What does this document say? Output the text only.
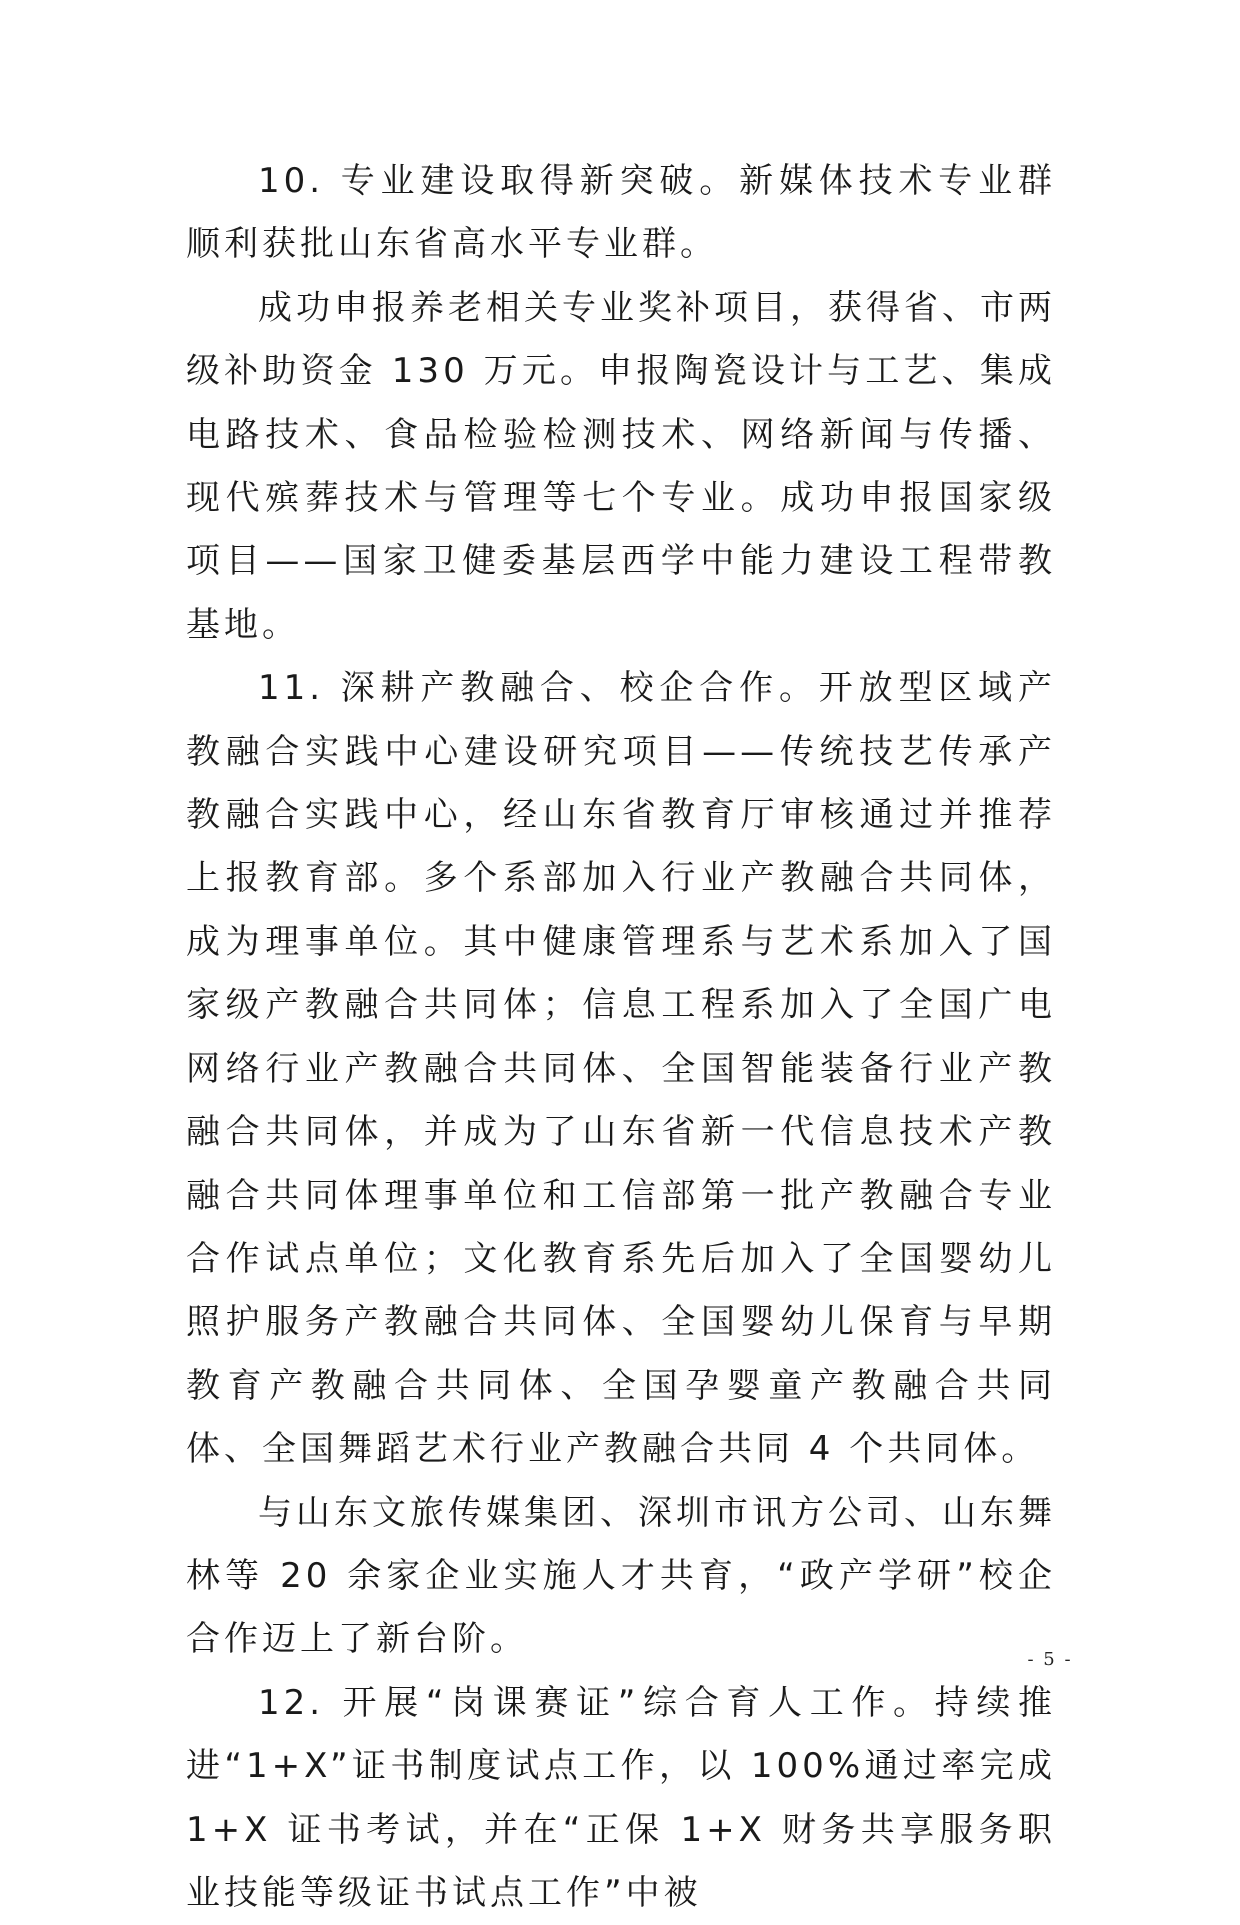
10. 专业建设取得新突破。新媒体技术专业群顺利获批山东省高水平专业群。

成功申报养老相关专业奖补项目，获得省、市两级补助资金 130 万元。申报陶瓷设计与工艺、集成电路技术、食品检验检测技术、网络新闻与传播、现代殡葬技术与管理等七个专业。成功申报国家级项目——国家卫健委基层西学中能力建设工程带教基地。

11. 深耕产教融合、校企合作。开放型区域产教融合实践中心建设研究项目——传统技艺传承产教融合实践中心，经山东省教育厅审核通过并推荐上报教育部。多个系部加入行业产教融合共同体，成为理事单位。其中健康管理系与艺术系加入了国家级产教融合共同体；信息工程系加入了全国广电网络行业产教融合共同体、全国智能装备行业产教融合共同体，并成为了山东省新一代信息技术产教融合共同体理事单位和工信部第一批产教融合专业合作试点单位；文化教育系先后加入了全国婴幼儿照护服务产教融合共同体、全国婴幼儿保育与早期教育产教融合共同体、全国孕婴童产教融合共同体、全国舞蹈艺术行业产教融合共同 4 个共同体。

与山东文旅传媒集团、深圳市讯方公司、山东舞林等 20 余家企业实施人才共育，“政产学研”校企合作迈上了新台阶。

12. 开展“岗课赛证”综合育人工作。持续推进“1+X”证书制度试点工作，以 100%通过率完成 1+X 证书考试，并在“正保 1+X 财务共享服务职业技能等级证书试点工作”中被

- 5 -
